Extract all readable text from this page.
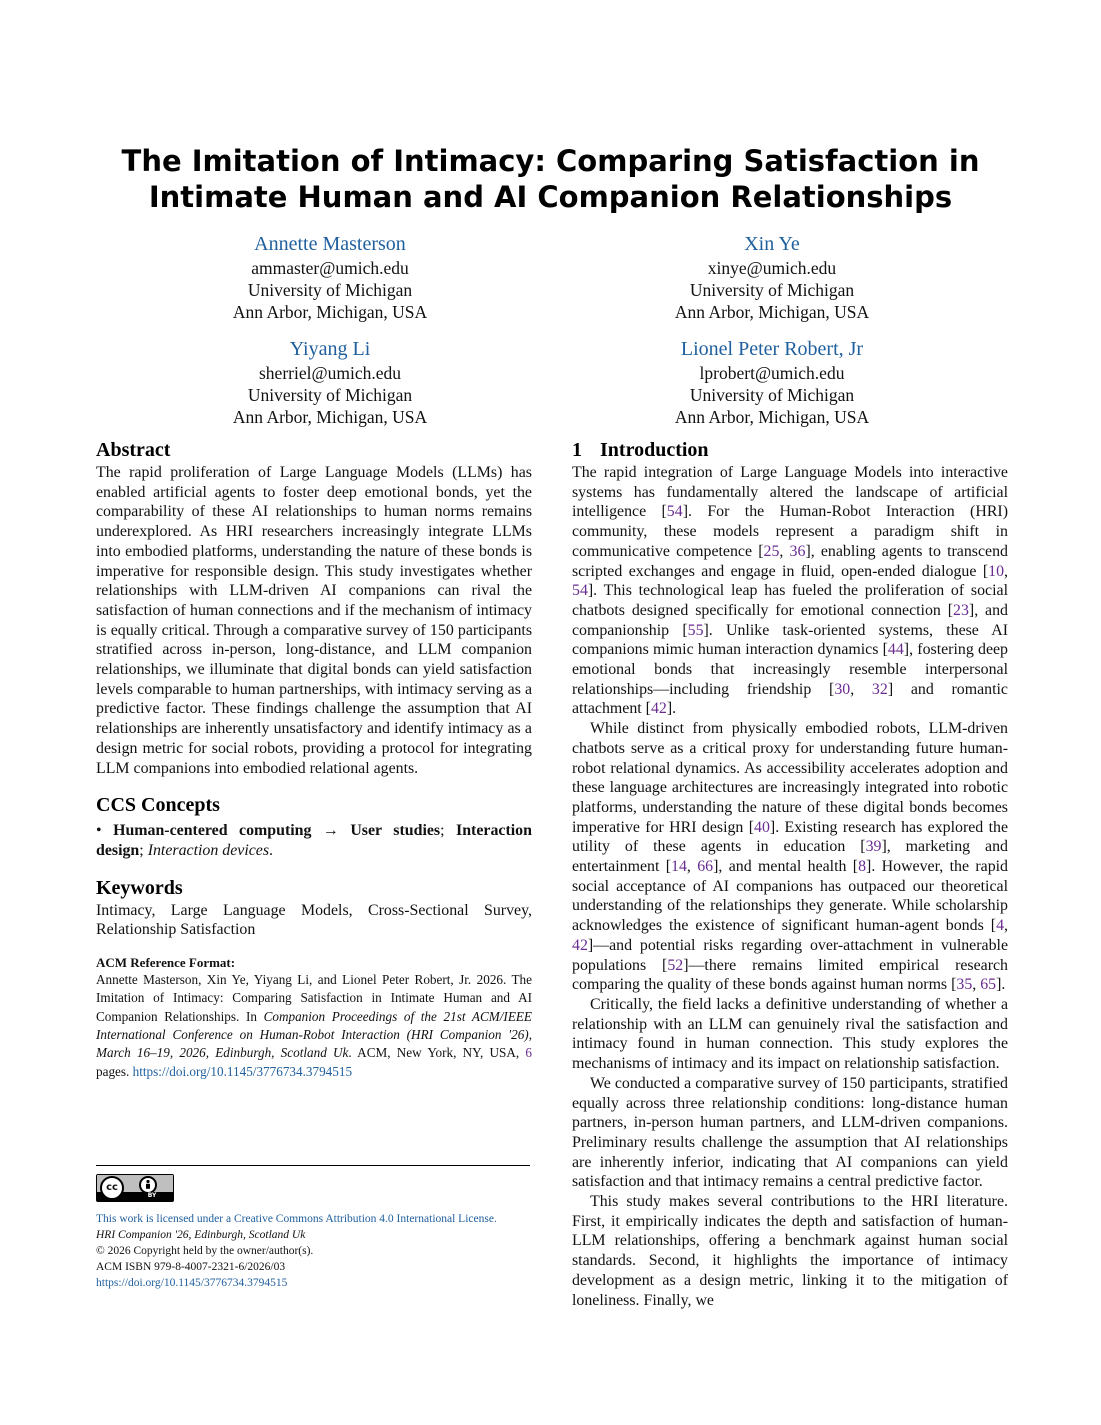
The Imitation of Intimacy: Comparing Satisfaction in Intimate Human and AI Companion Relationships
Annette Masterson
ammaster@umich.edu
University of Michigan
Ann Arbor, Michigan, USA
Xin Ye
xinye@umich.edu
University of Michigan
Ann Arbor, Michigan, USA
Yiyang Li
sherriel@umich.edu
University of Michigan
Ann Arbor, Michigan, USA
Lionel Peter Robert, Jr
lprobert@umich.edu
University of Michigan
Ann Arbor, Michigan, USA
Abstract

The rapid proliferation of Large Language Models (LLMs) has enabled artificial agents to foster deep emotional bonds, yet the comparability of these AI relationships to human norms remains underexplored. As HRI researchers increasingly integrate LLMs into embodied platforms, understanding the nature of these bonds is imperative for responsible design. This study investigates whether relationships with LLM-driven AI companions can rival the satisfaction of human connections and if the mechanism of intimacy is equally critical. Through a comparative survey of 150 participants stratified across in-person, long-distance, and LLM companion relationships, we illuminate that digital bonds can yield satisfaction levels comparable to human partnerships, with intimacy serving as a predictive factor. These findings challenge the assumption that AI relationships are inherently unsatisfactory and identify intimacy as a design metric for social robots, providing a protocol for integrating LLM companions into embodied relational agents.

CCS Concepts

• Human-centered computing → User studies; Interaction design; Interaction devices.

Keywords

Intimacy, Large Language Models, Cross-Sectional Survey, Relationship Satisfaction

ACM Reference Format:
Annette Masterson, Xin Ye, Yiyang Li, and Lionel Peter Robert, Jr. 2026. The Imitation of Intimacy: Comparing Satisfaction in Intimate Human and AI Companion Relationships. In Companion Proceedings of the 21st ACM/IEEE International Conference on Human-Robot Interaction (HRI Companion '26), March 16–19, 2026, Edinburgh, Scotland Uk. ACM, New York, NY, USA, 6 pages. https://doi.org/10.1145/3776734.3794515
cc
BY
This work is licensed under a Creative Commons Attribution 4.0 International License.
HRI Companion '26, Edinburgh, Scotland Uk
© 2026 Copyright held by the owner/author(s).
ACM ISBN 979-8-4007-2321-6/2026/03
https://doi.org/10.1145/3776734.3794515
1 Introduction

The rapid integration of Large Language Models into interactive systems has fundamentally altered the landscape of artificial intelligence [54]. For the Human-Robot Interaction (HRI) community, these models represent a paradigm shift in communicative competence [25, 36], enabling agents to transcend scripted exchanges and engage in fluid, open-ended dialogue [10, 54]. This technological leap has fueled the proliferation of social chatbots designed specifically for emotional connection [23], and companionship [55]. Unlike task-oriented systems, these AI companions mimic human interaction dynamics [44], fostering deep emotional bonds that increasingly resemble interpersonal relationships—including friendship [30, 32] and romantic attachment [42].

While distinct from physically embodied robots, LLM-driven chatbots serve as a critical proxy for understanding future human-robot relational dynamics. As accessibility accelerates adoption and these language architectures are increasingly integrated into robotic platforms, understanding the nature of these digital bonds becomes imperative for HRI design [40]. Existing research has explored the utility of these agents in education [39], marketing and entertainment [14, 66], and mental health [8]. However, the rapid social acceptance of AI companions has outpaced our theoretical understanding of the relationships they generate. While scholarship acknowledges the existence of significant human-agent bonds [4, 42]—and potential risks regarding over-attachment in vulnerable populations [52]—there remains limited empirical research comparing the quality of these bonds against human norms [35, 65].

Critically, the field lacks a definitive understanding of whether a relationship with an LLM can genuinely rival the satisfaction and intimacy found in human connection. This study explores the mechanisms of intimacy and its impact on relationship satisfaction.

We conducted a comparative survey of 150 participants, stratified equally across three relationship conditions: long-distance human partners, in-person human partners, and LLM-driven companions. Preliminary results challenge the assumption that AI relationships are inherently inferior, indicating that AI companions can yield satisfaction and that intimacy remains a central predictive factor.

This study makes several contributions to the HRI literature. First, it empirically indicates the depth and satisfaction of human-LLM relationships, offering a benchmark against human social standards. Second, it highlights the importance of intimacy development as a design metric, linking it to the mitigation of loneliness. Finally, we
